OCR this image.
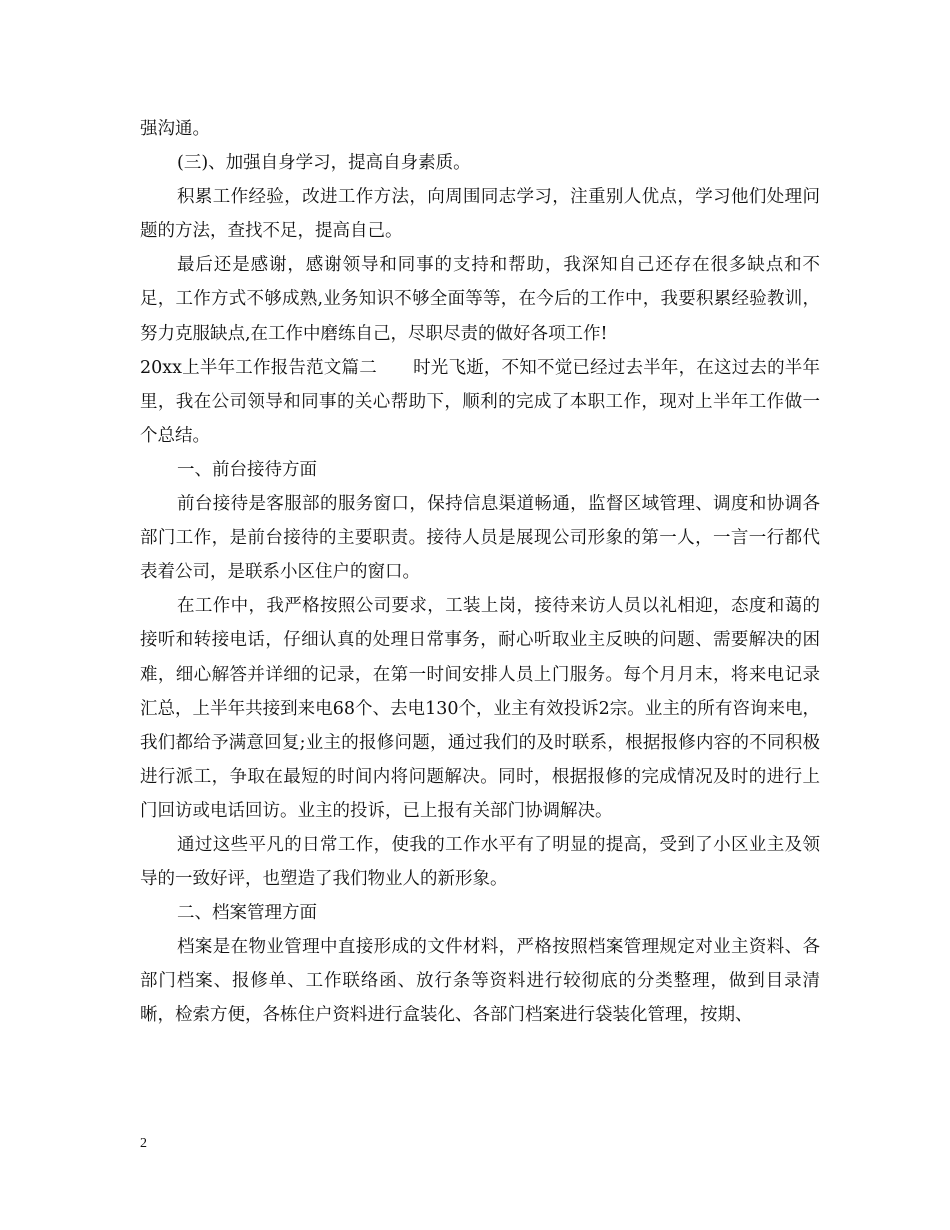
强沟通。

(三)、加强自身学习，提高自身素质。

积累工作经验，改进工作方法，向周围同志学习，注重别人优点，学习他们处理问题的方法，查找不足，提高自己。

最后还是感谢，感谢领导和同事的支持和帮助，我深知自己还存在很多缺点和不足，工作方式不够成熟,业务知识不够全面等等，在今后的工作中，我要积累经验教训，努力克服缺点,在工作中磨练自己，尽职尽责的做好各项工作!

20xx上半年工作报告范文篇二 时光飞逝，不知不觉已经过去半年，在这过去的半年里，我在公司领导和同事的关心帮助下，顺利的完成了本职工作，现对上半年工作做一个总结。

一、前台接待方面

前台接待是客服部的服务窗口，保持信息渠道畅通，监督区域管理、调度和协调各部门工作，是前台接待的主要职责。接待人员是展现公司形象的第一人，一言一行都代表着公司，是联系小区住户的窗口。

在工作中，我严格按照公司要求，工装上岗，接待来访人员以礼相迎，态度和蔼的接听和转接电话，仔细认真的处理日常事务，耐心听取业主反映的问题、需要解决的困难，细心解答并详细的记录，在第一时间安排人员上门服务。每个月月末，将来电记录汇总，上半年共接到来电68个、去电130个，业主有效投诉2宗。业主的所有咨询来电，我们都给予满意回复;业主的报修问题，通过我们的及时联系，根据报修内容的不同积极进行派工，争取在最短的时间内将问题解决。同时，根据报修的完成情况及时的进行上门回访或电话回访。业主的投诉，已上报有关部门协调解决。

通过这些平凡的日常工作，使我的工作水平有了明显的提高，受到了小区业主及领导的一致好评，也塑造了我们物业人的新形象。

二、档案管理方面

档案是在物业管理中直接形成的文件材料，严格按照档案管理规定对业主资料、各部门档案、报修单、工作联络函、放行条等资料进行较彻底的分类整理，做到目录清晰，检索方便，各栋住户资料进行盒装化、各部门档案进行袋装化管理，按期、

2
